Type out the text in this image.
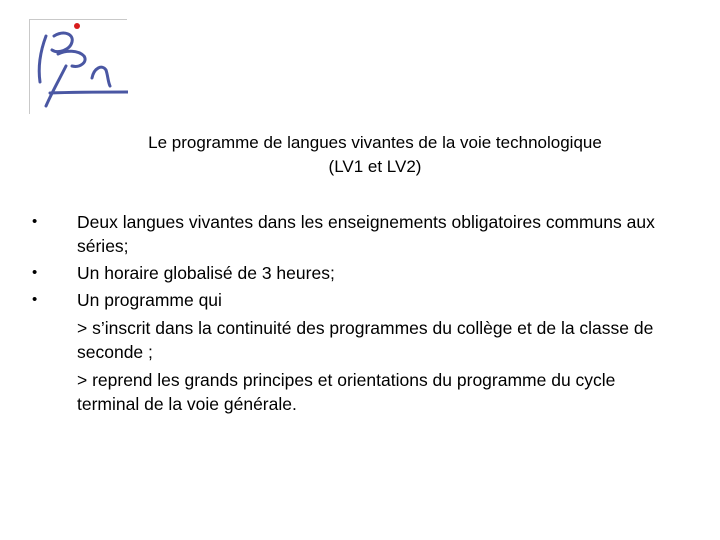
Le programme de langues vivantes de la voie technologique
(LV1 et LV2)
• Deux langues vivantes dans les enseignements obligatoires communs aux séries;
• Un horaire globalisé de 3 heures;
• Un programme qui
> s’inscrit dans la continuité des programmes du collège et de la classe de seconde ;
> reprend les grands principes et orientations du programme du cycle terminal de la voie générale.
